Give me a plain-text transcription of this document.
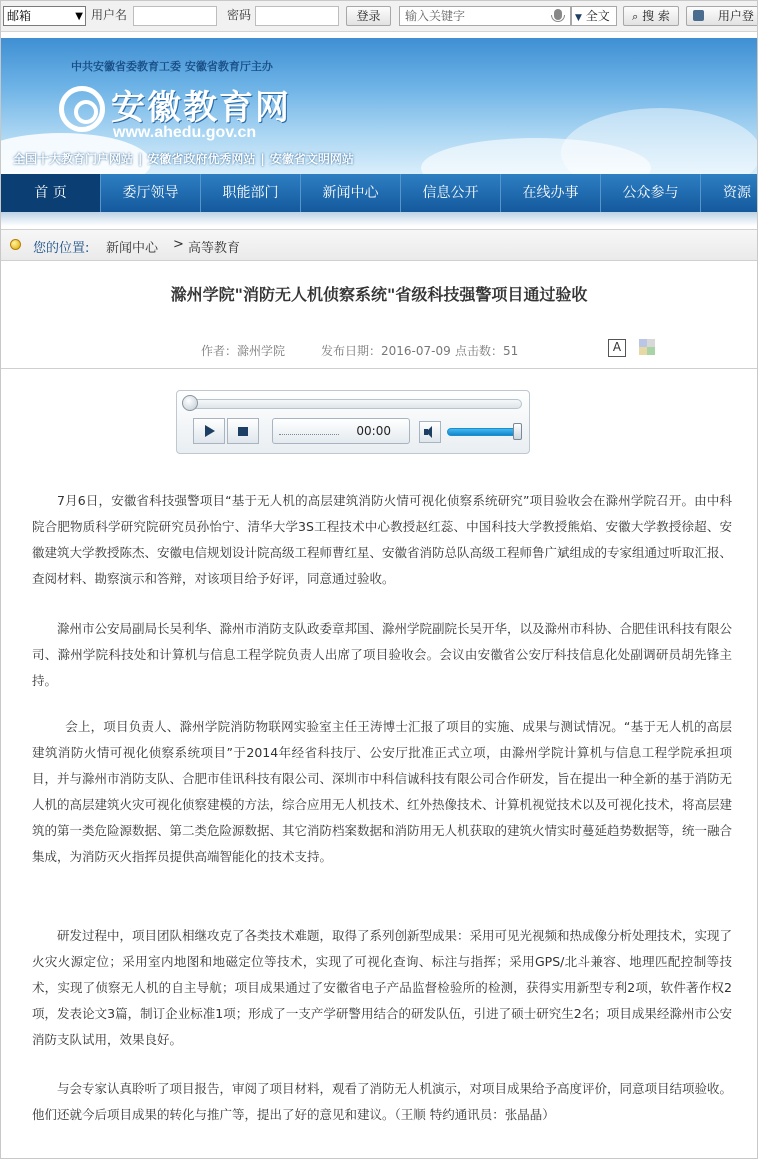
邮箱	▼ 用户名	密码	登录	输入关键字	▼ 全文	⌕ 搜 索	用户登
中共安徽省委教育工委 安徽省教育厅主办
安徽教育网
www.ahedu.gov.cn
全国十大教育门户网站 | 安徽省政府优秀网站 | 安徽省文明网站
首 页	委厅领导	职能部门	新闻中心	信息公开	在线办事	公众参与	资源
您的位置: 新闻中心 > 高等教育
滁州学院"消防无人机侦察系统"省级科技强警项目通过验收
作者：滁州学院	发布日期：2016-07-09 点击数：51	A
00:00
7月6日，安徽省科技强警项目“基于无人机的高层建筑消防火情可视化侦察系统研究”项目验收会在滁州学院召开。由中科院合肥物质科学研究院研究员孙怡宁、清华大学3S工程技术中心教授赵红蕊、中国科技大学教授熊焰、安徽大学教授徐超、安徽建筑大学教授陈杰、安徽电信规划设计院高级工程师曹红星、安徽省消防总队高级工程师鲁广斌组成的专家组通过听取汇报、查阅材料、勘察演示和答辩，对该项目给予好评，同意通过验收。
滁州市公安局副局长吴利华、滁州市消防支队政委章邦国、滁州学院副院长吴开华，以及滁州市科协、合肥佳讯科技有限公司、滁州学院科技处和计算机与信息工程学院负责人出席了项目验收会。会议由安徽省公安厅科技信息化处副调研员胡先锋主持。
会上，项目负责人、滁州学院消防物联网实验室主任王涛博士汇报了项目的实施、成果与测试情况。“基于无人机的高层建筑消防火情可视化侦察系统项目”于2014年经省科技厅、公安厅批准正式立项，由滁州学院计算机与信息工程学院承担项目，并与滁州市消防支队、合肥市佳讯科技有限公司、深圳市中科信诚科技有限公司合作研发，旨在提出一种全新的基于消防无人机的高层建筑火灾可视化侦察建模的方法，综合应用无人机技术、红外热像技术、计算机视觉技术以及可视化技术，将高层建筑的第一类危险源数据、第二类危险源数据、其它消防档案数据和消防用无人机获取的建筑火情实时蔓延趋势数据等，统一融合集成，为消防灭火指挥员提供高端智能化的技术支持。
研发过程中，项目团队相继攻克了各类技术难题，取得了系列创新型成果：采用可见光视频和热成像分析处理技术，实现了火灾火源定位；采用室内地图和地磁定位等技术，实现了可视化查询、标注与指挥；采用GPS/北斗兼容、地理匹配控制等技术，实现了侦察无人机的自主导航；项目成果通过了安徽省电子产品监督检验所的检测，获得实用新型专利2项，软件著作权2项，发表论文3篇，制订企业标准1项；形成了一支产学研警用结合的研发队伍，引进了硕士研究生2名；项目成果经滁州市公安消防支队试用，效果良好。
与会专家认真聆听了项目报告，审阅了项目材料，观看了消防无人机演示，对项目成果给予高度评价，同意项目结项验收。他们还就今后项目成果的转化与推广等，提出了好的意见和建议。（王顺 特约通讯员：张晶晶）
